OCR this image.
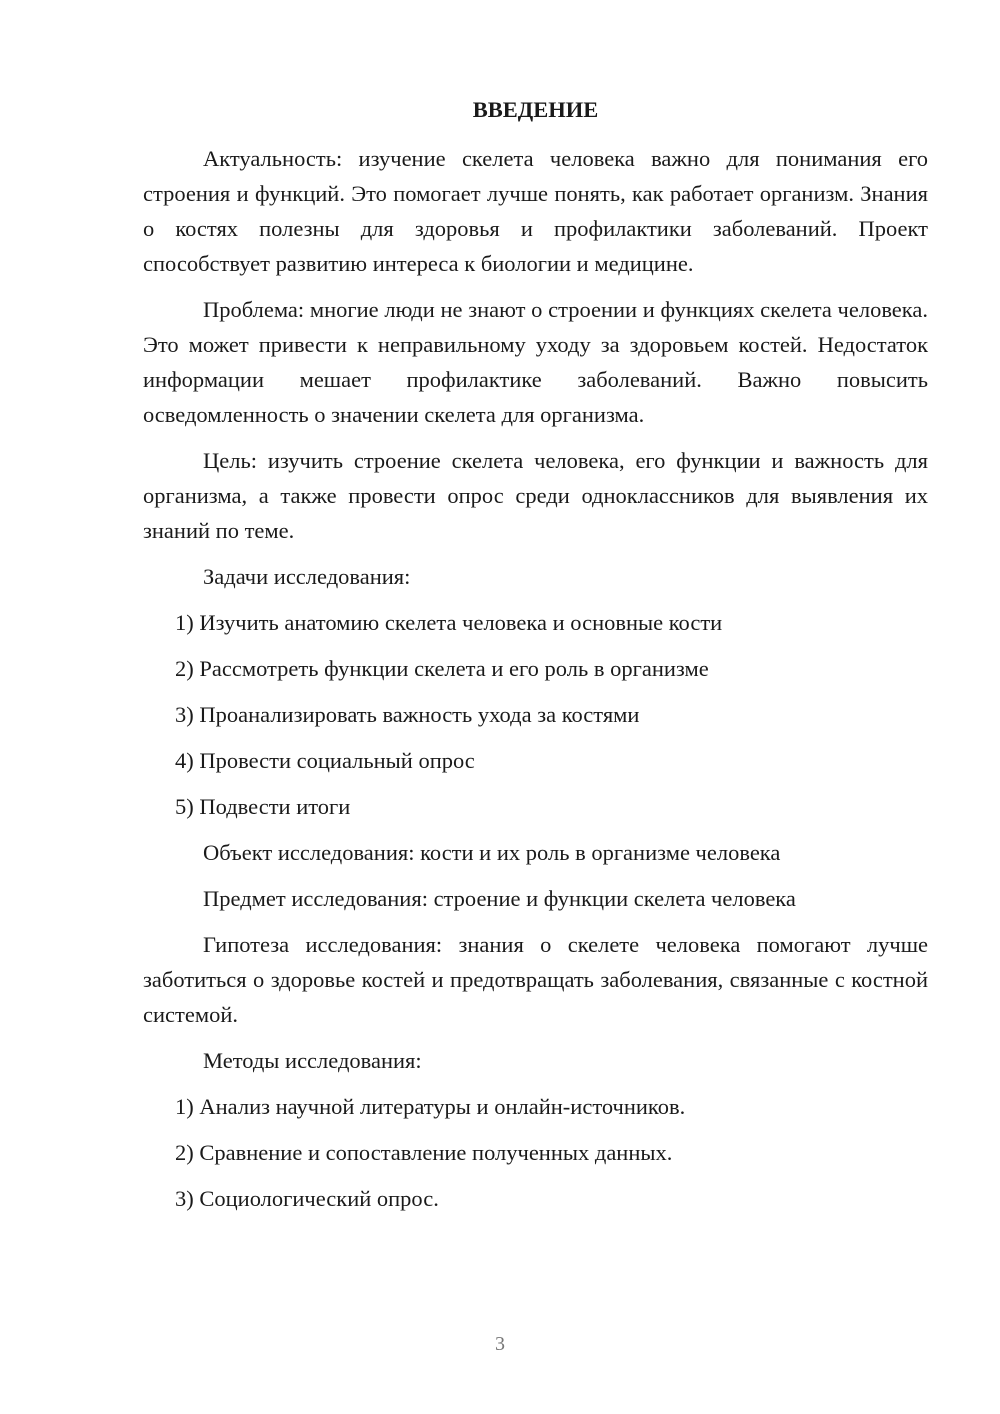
ВВЕДЕНИЕ

Актуальность: изучение скелета человека важно для понимания его строения и функций. Это помогает лучше понять, как работает организм. Знания о костях полезны для здоровья и профилактики заболеваний. Проект способствует развитию интереса к биологии и медицине.

Проблема: многие люди не знают о строении и функциях скелета человека. Это может привести к неправильному уходу за здоровьем костей. Недостаток информации мешает профилактике заболеваний. Важно повысить осведомленность о значении скелета для организма.

Цель: изучить строение скелета человека, его функции и важность для организма, а также провести опрос среди одноклассников для выявления их знаний по теме.

Задачи исследования:
1) Изучить анатомию скелета человека и основные кости
2) Рассмотреть функции скелета и его роль в организме
3) Проанализировать важность ухода за костями
4) Провести социальный опрос
5) Подвести итоги
Объект исследования: кости и их роль в организме человека
Предмет исследования: строение и функции скелета человека

Гипотеза исследования: знания о скелете человека помогают лучше заботиться о здоровье костей и предотвращать заболевания, связанные с костной системой.

Методы исследования:
1) Анализ научной литературы и онлайн-источников.
2) Сравнение и сопоставление полученных данных.
3) Социологический опрос.
3
